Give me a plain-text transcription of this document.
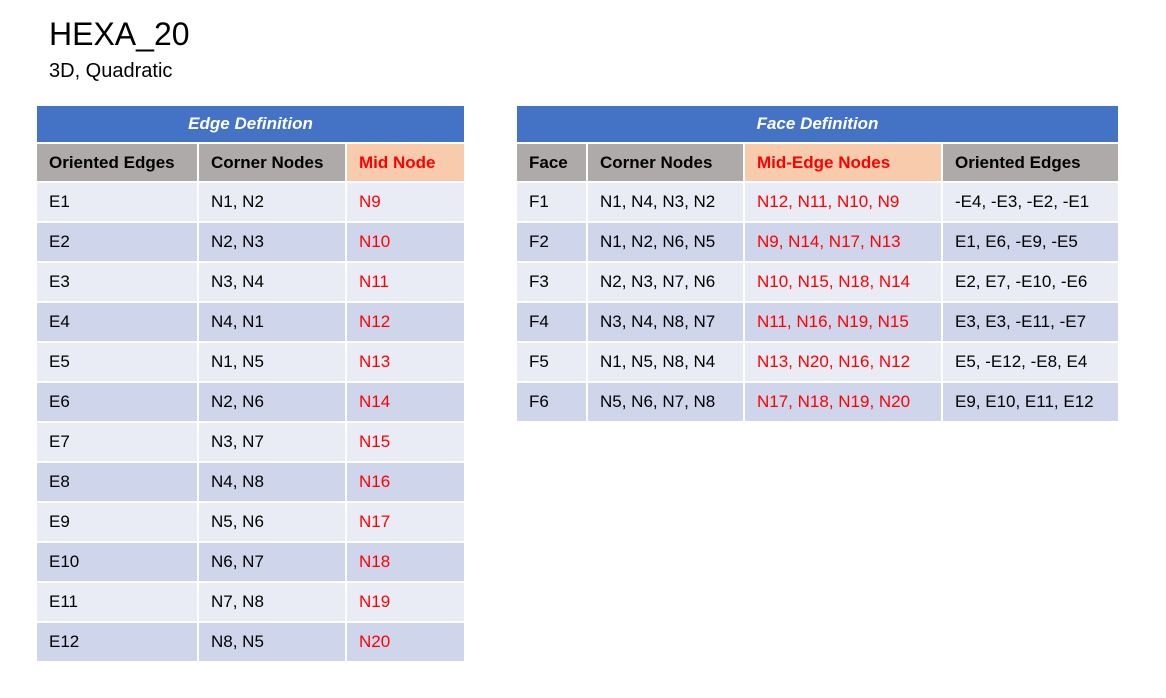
HEXA_20
3D, Quadratic
Edge Definition		
Oriented Edges	Corner Nodes	Mid Node
E1	N1, N2	N9
E2	N2, N3	N10
E3	N3, N4	N11
E4	N4, N1	N12
E5	N1, N5	N13
E6	N2, N6	N14
E7	N3, N7	N15
E8	N4, N8	N16
E9	N5, N6	N17
E10	N6, N7	N18
E11	N7, N8	N19
E12	N8, N5	N20
Face Definition			
Face	Corner Nodes	Mid-Edge Nodes	Oriented Edges
F1	N1, N4, N3, N2	N12, N11, N10, N9	-E4, -E3, -E2, -E1
F2	N1, N2, N6, N5	N9, N14, N17, N13	E1, E6, -E9, -E5
F3	N2, N3, N7, N6	N10, N15, N18, N14	E2, E7, -E10, -E6
F4	N3, N4, N8, N7	N11, N16, N19, N15	E3, E3, -E11, -E7
F5	N1, N5, N8, N4	N13, N20, N16, N12	E5, -E12, -E8, E4
F6	N5, N6, N7, N8	N17, N18, N19, N20	E9, E10, E11, E12
